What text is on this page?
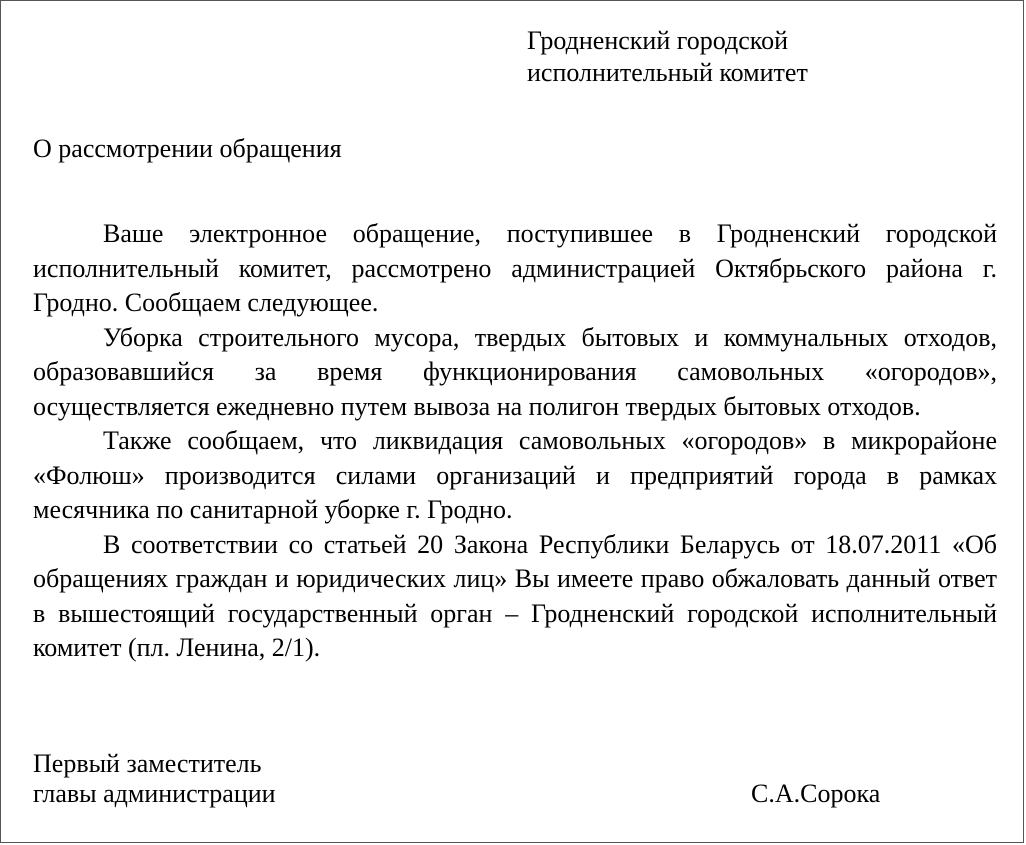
Гродненский городской
исполнительный комитет
О рассмотрении обращения

Ваше электронное обращение, поступившее в Гродненский городской исполнительный комитет, рассмотрено администрацией Октябрьского района г. Гродно. Сообщаем следующее.

Уборка строительного мусора, твердых бытовых и коммунальных отходов, образовавшийся за время функционирования самовольных «огородов», осуществляется ежедневно путем вывоза на полигон твердых бытовых отходов.

Также сообщаем, что ликвидация самовольных «огородов» в микрорайоне «Фолюш» производится силами организаций и предприятий города в рамках месячника по санитарной уборке г. Гродно.

В соответствии со статьей 20 Закона Республики Беларусь от 18.07.2011 «Об обращениях граждан и юридических лиц» Вы имеете право обжаловать данный ответ в вышестоящий государственный орган – Гродненский городской исполнительный комитет (пл. Ленина, 2/1).

Первый заместитель
главы администрации	С.А.Сорока
